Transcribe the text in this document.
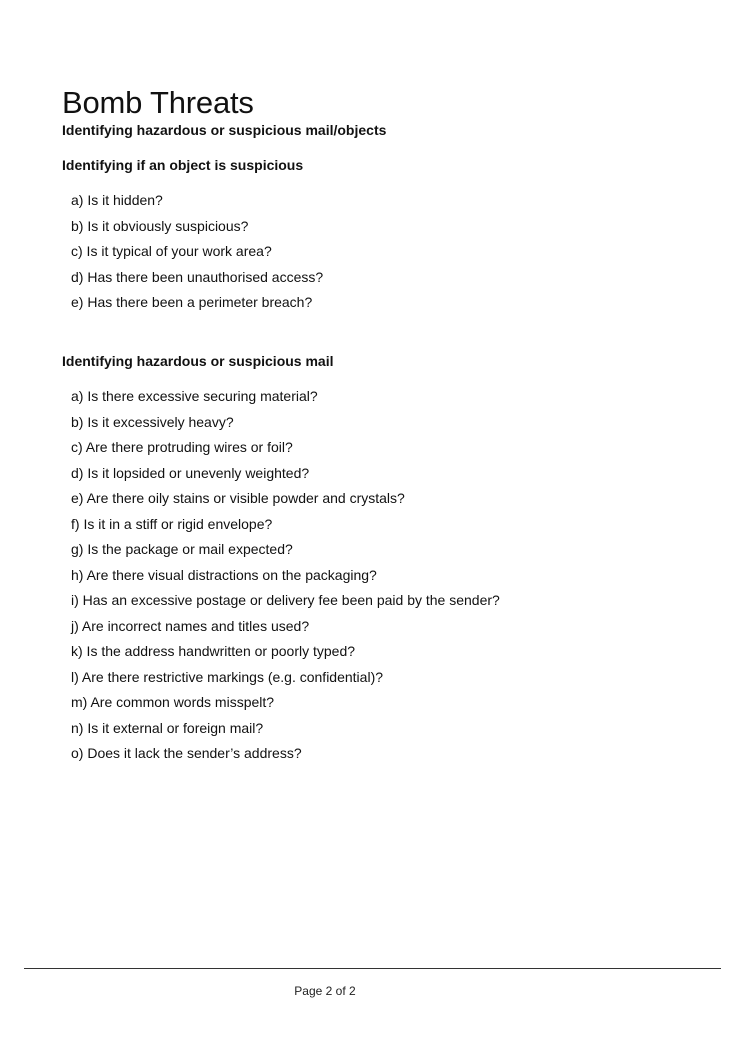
Bomb Threats
Identifying hazardous or suspicious mail/objects
Identifying if an object is suspicious
a) Is it hidden?
b) Is it obviously suspicious?
c) Is it typical of your work area?
d) Has there been unauthorised access?
e) Has there been a perimeter breach?
Identifying hazardous or suspicious mail
a) Is there excessive securing material?
b) Is it excessively heavy?
c) Are there protruding wires or foil?
d) Is it lopsided or unevenly weighted?
e) Are there oily stains or visible powder and crystals?
f) Is it in a stiff or rigid envelope?
g) Is the package or mail expected?
h) Are there visual distractions on the packaging?
i) Has an excessive postage or delivery fee been paid by the sender?
j) Are incorrect names and titles used?
k) Is the address handwritten or poorly typed?
l) Are there restrictive markings (e.g. confidential)?
m) Are common words misspelt?
n) Is it external or foreign mail?
o) Does it lack the sender’s address?
Page 2 of 2
